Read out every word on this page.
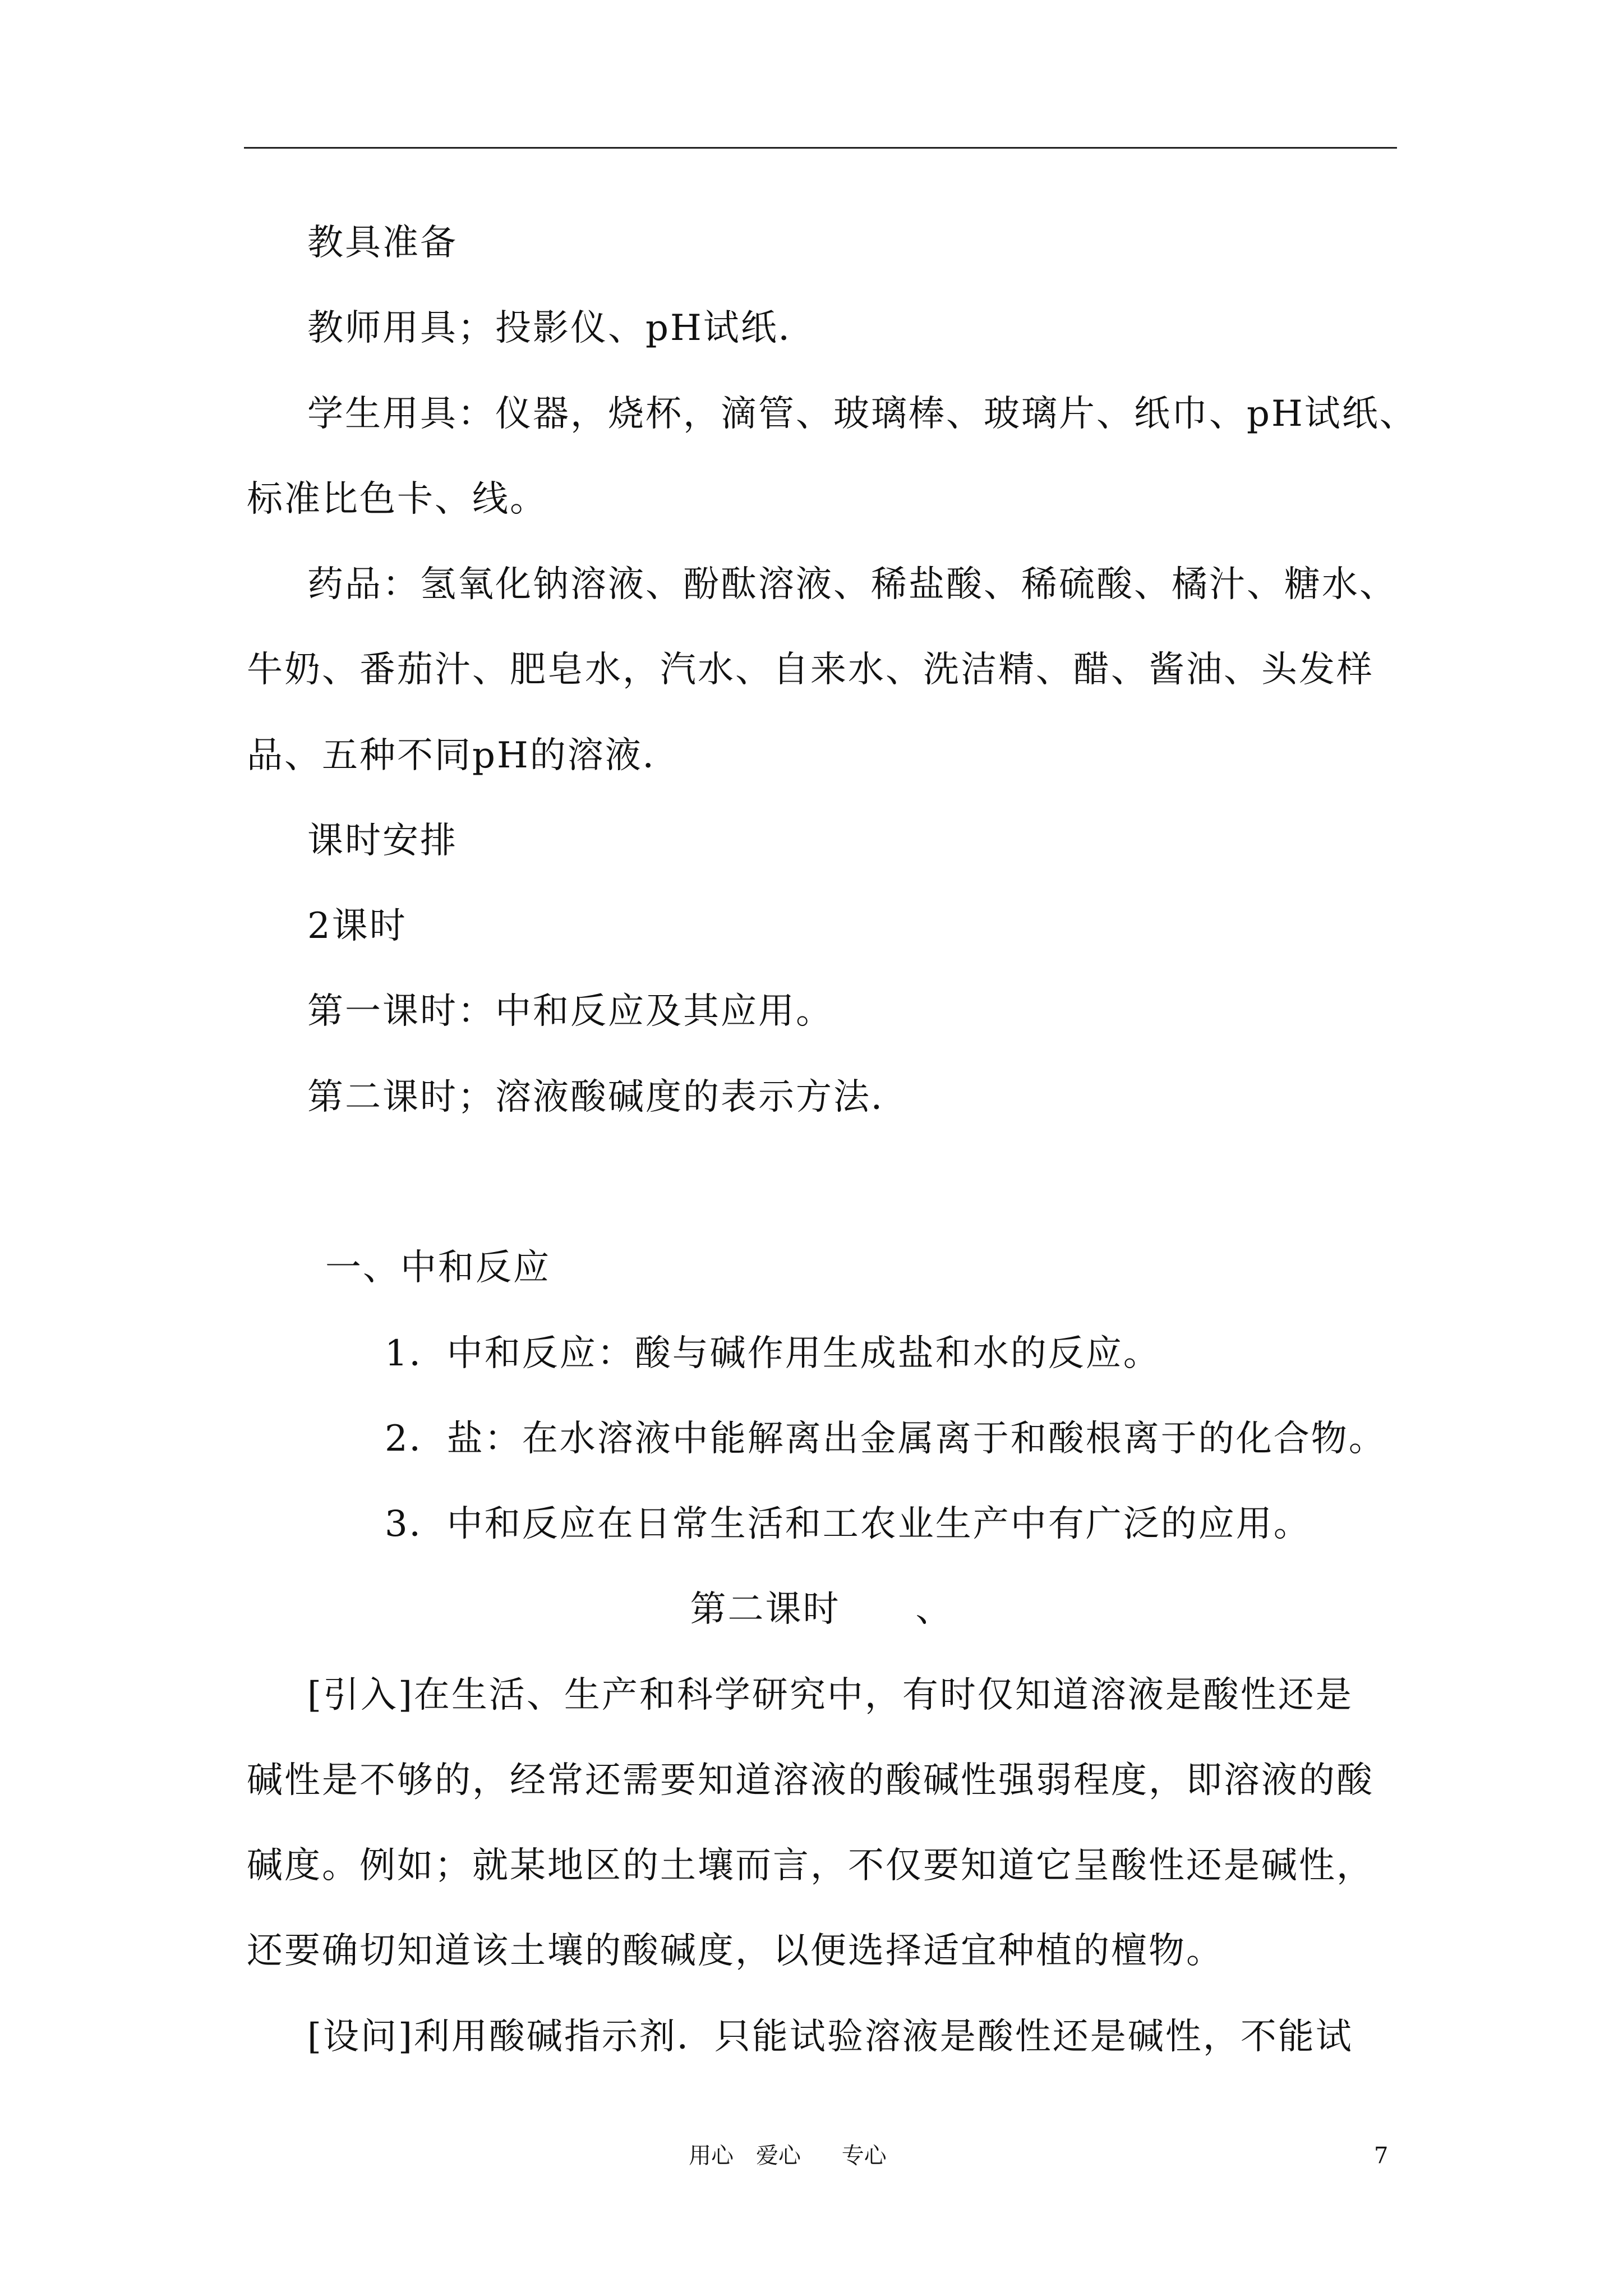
教具准备
教师用具；投影仪、pH试纸．
学生用具：仪器，烧杯，滴管、玻璃棒、玻璃片、纸巾、pH试纸、
标准比色卡、线。
药品：氢氧化钠溶液、酚酞溶液、稀盐酸、稀硫酸、橘汁、糖水、
牛奶、番茄汁、肥皂水，汽水、自来水、洗洁精、醋、酱油、头发样
品、五种不同pH的溶液．
课时安排
2课时
第一课时：中和反应及其应用。
第二课时；溶液酸碱度的表示方法．
一、中和反应
1．中和反应：酸与碱作用生成盐和水的反应。
2．盐：在水溶液中能解离出金属离于和酸根离于的化合物。
3．中和反应在日常生活和工农业生产中有广泛的应用。
第二课时　　、
[引入]在生活、生产和科学研究中，有时仅知道溶液是酸性还是
碱性是不够的，经常还需要知道溶液的酸碱性强弱程度，即溶液的酸
碱度。例如；就某地区的土壤而言，不仅要知道它呈酸性还是碱性，
还要确切知道该土壤的酸碱度，以便选择适宜种植的檀物。
[设问]利用酸碱指示剂．只能试验溶液是酸性还是碱性，不能试
用心　爱心　 专心	7
